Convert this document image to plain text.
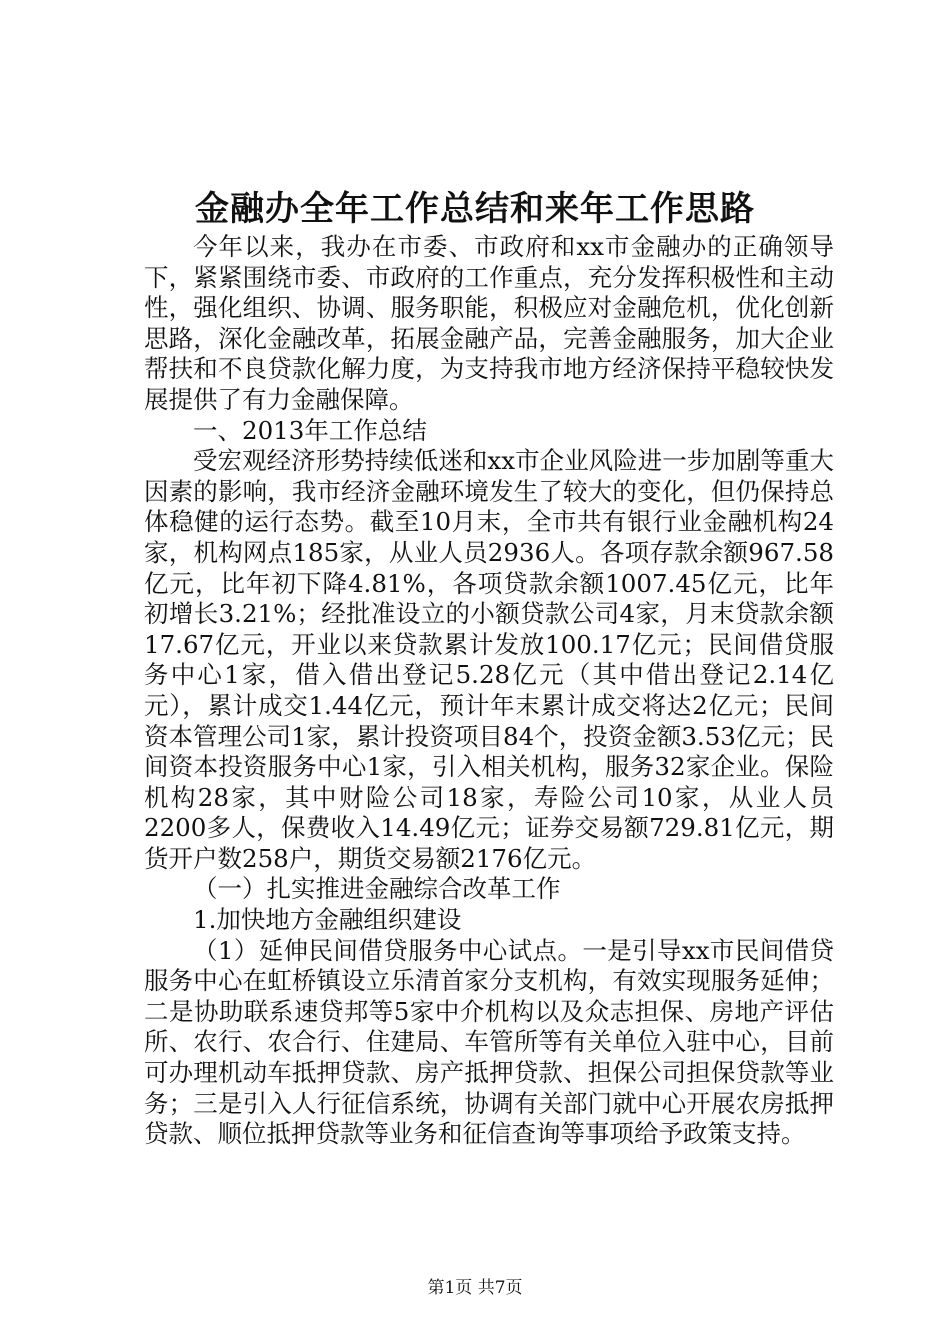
金融办全年工作总结和来年工作思路

今年以来，我办在市委、市政府和xx市金融办的正确领导下，紧紧围绕市委、市政府的工作重点，充分发挥积极性和主动性，强化组织、协调、服务职能，积极应对金融危机，优化创新思路，深化金融改革，拓展金融产品，完善金融服务，加大企业帮扶和不良贷款化解力度，为支持我市地方经济保持平稳较快发展提供了有力金融保障。

一、2013年工作总结

受宏观经济形势持续低迷和xx市企业风险进一步加剧等重大因素的影响，我市经济金融环境发生了较大的变化，但仍保持总体稳健的运行态势。截至10月末，全市共有银行业金融机构24家，机构网点185家，从业人员2936人。各项存款余额967.58亿元，比年初下降4.81%，各项贷款余额1007.45亿元，比年初增长3.21%；经批准设立的小额贷款公司4家，月末贷款余额17.67亿元，开业以来贷款累计发放100.17亿元；民间借贷服务中心1家，借入借出登记5.28亿元（其中借出登记2.14亿元），累计成交1.44亿元，预计年末累计成交将达2亿元；民间资本管理公司1家，累计投资项目84个，投资金额3.53亿元；民间资本投资服务中心1家，引入相关机构，服务32家企业。保险机构28家，其中财险公司18家，寿险公司10家，从业人员2200多人，保费收入14.49亿元；证券交易额729.81亿元，期货开户数258户，期货交易额2176亿元。

（一）扎实推进金融综合改革工作

1.加快地方金融组织建设

（1）延伸民间借贷服务中心试点。一是引导xx市民间借贷服务中心在虹桥镇设立乐清首家分支机构，有效实现服务延伸；二是协助联系速贷邦等5家中介机构以及众志担保、房地产评估所、农行、农合行、住建局、车管所等有关单位入驻中心，目前可办理机动车抵押贷款、房产抵押贷款、担保公司担保贷款等业务；三是引入人行征信系统，协调有关部门就中心开展农房抵押贷款、顺位抵押贷款等业务和征信查询等事项给予政策支持。

第1页 共7页
